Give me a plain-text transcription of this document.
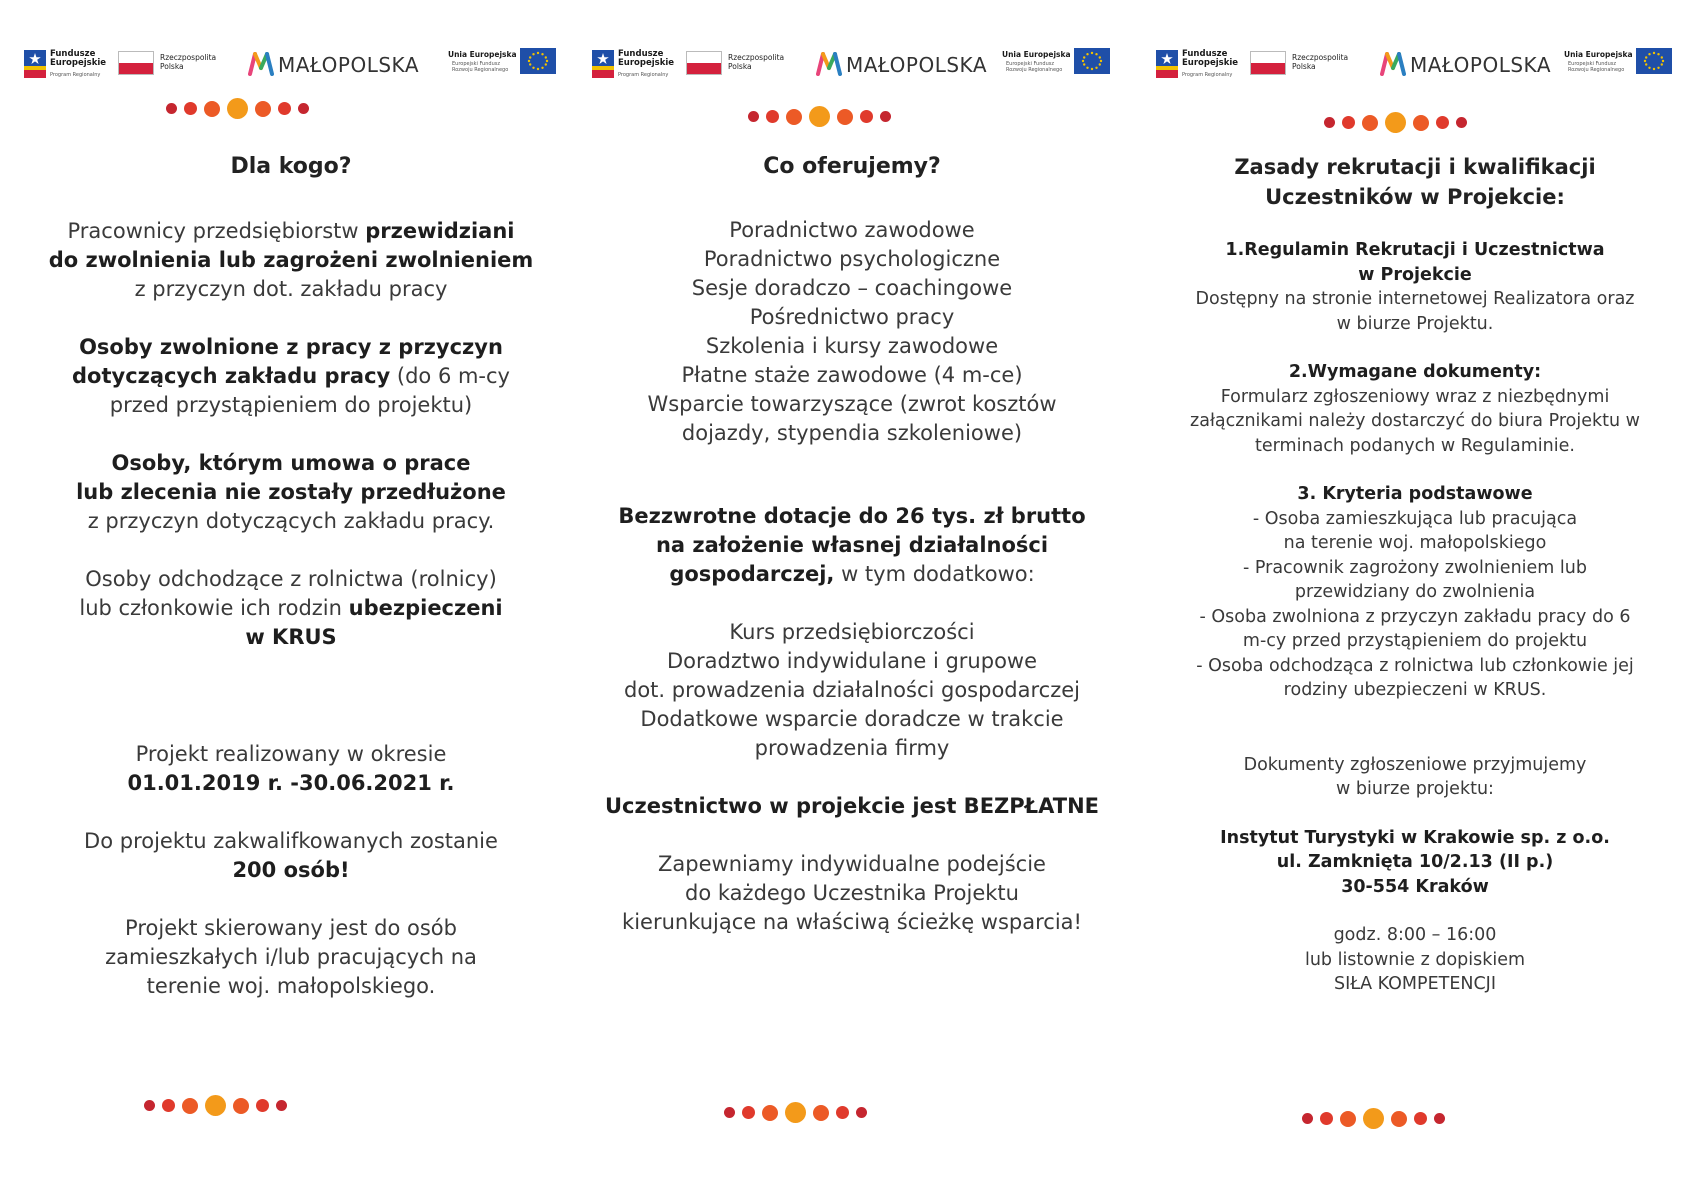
Fundusze Europejskie
Program Regionalny
Rzeczpospolita Polska	MAŁOPOLSKA	Unia Europejska
Europejski Fundusz Rozwoju Regionalnego
Dla kogo?

Pracownicy przedsiębiorstw przewidziani
do zwolnienia lub zagrożeni zwolnieniem
z przyczyn dot. zakładu pracy

Osoby zwolnione z pracy z przyczyn
dotyczących zakładu pracy (do 6 m-cy
przed przystąpieniem do projektu)

Osoby, którym umowa o prace
lub zlecenia nie zostały przedłużone
z przyczyn dotyczących zakładu pracy.

Osoby odchodzące z rolnictwa (rolnicy)
lub członkowie ich rodzin ubezpieczeni
w KRUS

Projekt realizowany w okresie
01.01.2019 r. -30.06.2021 r.

Do projektu zakwalifkowanych zostanie
200 osób!

Projekt skierowany jest do osób
zamieszkałych i/lub pracujących na
terenie woj. małopolskiego.

Fundusze Europejskie
Program Regionalny
Rzeczpospolita Polska	MAŁOPOLSKA Unia Europejska
Europejski Fundusz Rozwoju Regionalnego
Co oferujemy?

Poradnictwo zawodowe
Poradnictwo psychologiczne
Sesje doradczo – coachingowe
Pośrednictwo pracy
Szkolenia i kursy zawodowe
Płatne staże zawodowe (4 m-ce)
Wsparcie towarzyszące (zwrot kosztów
dojazdy, stypendia szkoleniowe)

Bezzwrotne dotacje do 26 tys. zł brutto
na założenie własnej działalności
gospodarczej, w tym dodatkowo:

Kurs przedsiębiorczości
Doradztwo indywidulane i grupowe
dot. prowadzenia działalności gospodarczej
Dodatkowe wsparcie doradcze w trakcie
prowadzenia firmy

Uczestnictwo w projekcie jest BEZPŁATNE

Zapewniamy indywidualne podejście
do każdego Uczestnika Projektu
kierunkujące na właściwą ścieżkę wsparcia!

Fundusze Europejskie
Program Regionalny
Rzeczpospolita Polska	MAŁOPOLSKA Unia Europejska
Europejski Fundusz Rozwoju Regionalnego
Zasady rekrutacji i kwalifikacji
Uczestników w Projekcie:

1.Regulamin Rekrutacji i Uczestnictwa
w Projekcie
Dostępny na stronie internetowej Realizatora oraz
w biurze Projektu.

2.Wymagane dokumenty:
Formularz zgłoszeniowy wraz z niezbędnymi
załącznikami należy dostarczyć do biura Projektu w
terminach podanych w Regulaminie.

3. Kryteria podstawowe
- Osoba zamieszkująca lub pracująca
na terenie woj. małopolskiego
- Pracownik zagrożony zwolnieniem lub
przewidziany do zwolnienia
- Osoba zwolniona z przyczyn zakładu pracy do 6
m-cy przed przystąpieniem do projektu
- Osoba odchodząca z rolnictwa lub członkowie jej
rodziny ubezpieczeni w KRUS.

Dokumenty zgłoszeniowe przyjmujemy
w biurze projektu:

Instytut Turystyki w Krakowie sp. z o.o.
ul. Zamknięta 10/2.13 (II p.)
30-554 Kraków

godz. 8:00 – 16:00
lub listownie z dopiskiem
SIŁA KOMPETENCJI
